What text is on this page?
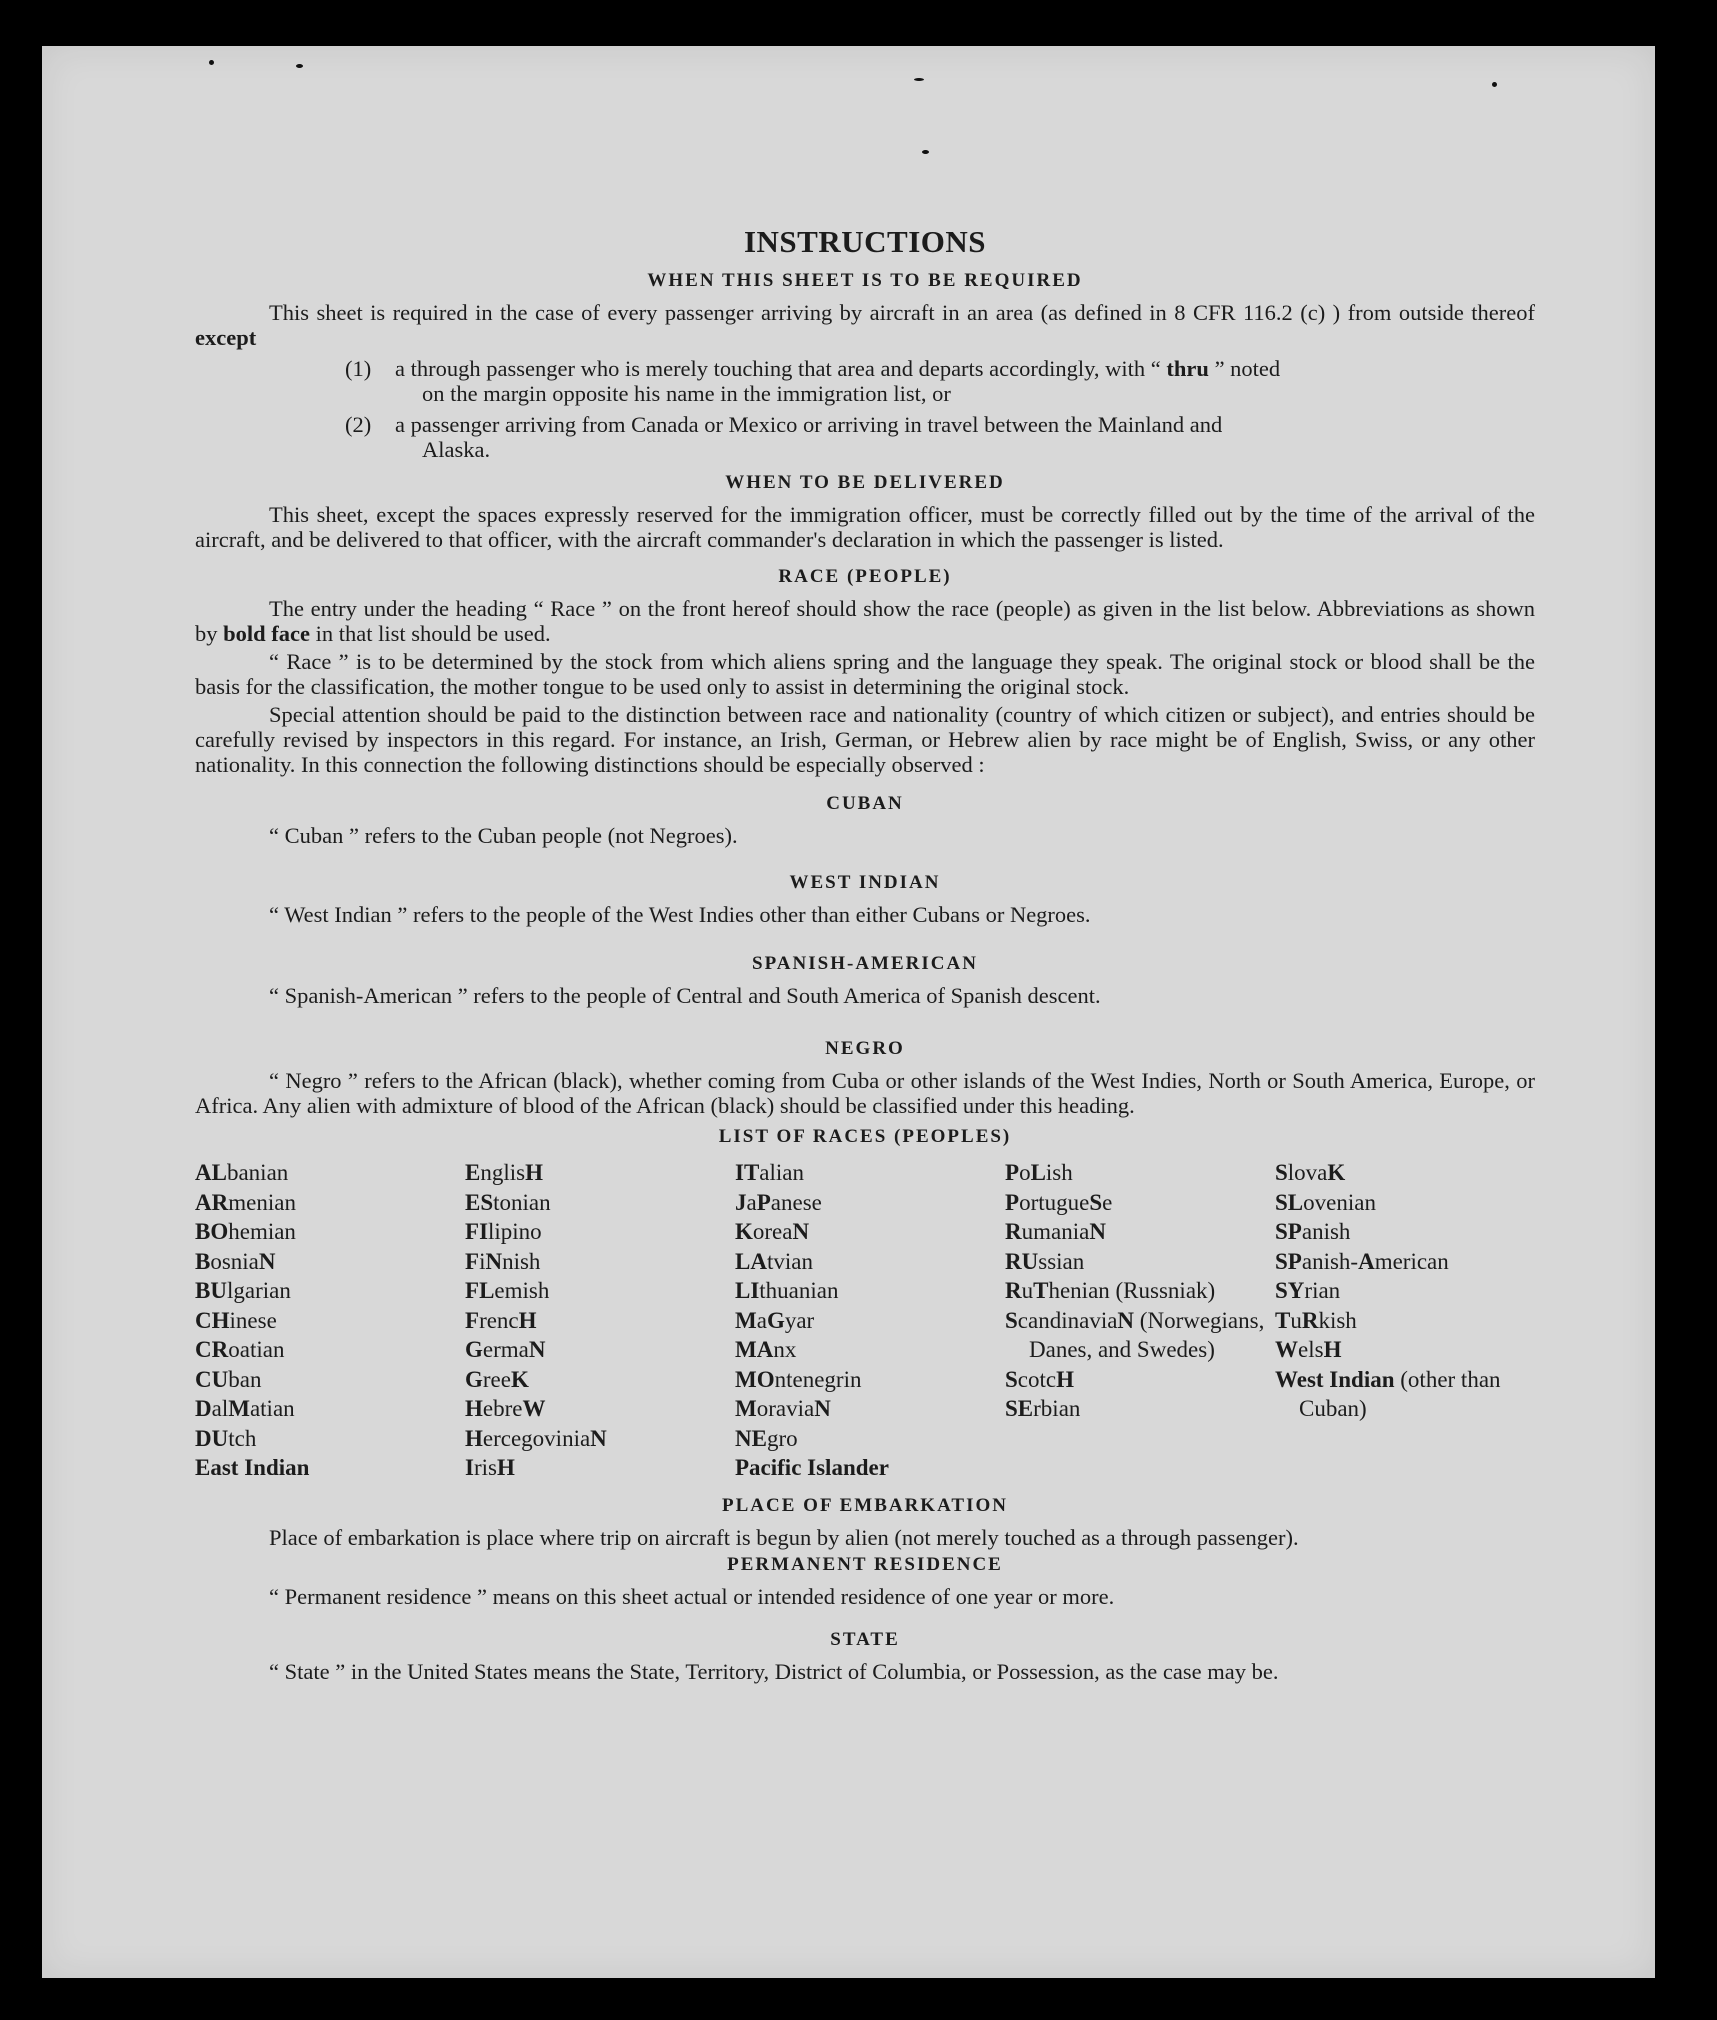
INSTRUCTIONS
WHEN THIS SHEET IS TO BE REQUIRED

This sheet is required in the case of every passenger arriving by aircraft in an area (as defined in 8 CFR 116.2 (c) ) from outside thereof except

(1)	a through passenger who is merely touching that area and departs accordingly, with “ thru ” noted
on the margin opposite his name in the immigration list, or
(2)	a passenger arriving from Canada or Mexico or arriving in travel between the Mainland and
Alaska.
WHEN TO BE DELIVERED

This sheet, except the spaces expressly reserved for the immigration officer, must be correctly filled out by the time of the arrival of the aircraft, and be delivered to that officer, with the aircraft commander's declaration in which the passenger is listed.

RACE (PEOPLE)

The entry under the heading “ Race ” on the front hereof should show the race (people) as given in the list below. Abbreviations as shown by bold face in that list should be used.

“ Race ” is to be determined by the stock from which aliens spring and the language they speak. The original stock or blood shall be the basis for the classification, the mother tongue to be used only to assist in determining the original stock.

Special attention should be paid to the distinction between race and nationality (country of which citizen or subject), and entries should be carefully revised by inspectors in this regard. For instance, an Irish, German, or Hebrew alien by race might be of English, Swiss, or any other nationality. In this connection the following distinctions should be especially observed :

CUBAN

“ Cuban ” refers to the Cuban people (not Negroes).

WEST INDIAN

“ West Indian ” refers to the people of the West Indies other than either Cubans or Negroes.

SPANISH-AMERICAN

“ Spanish-American ” refers to the people of Central and South America of Spanish descent.

NEGRO

“ Negro ” refers to the African (black), whether coming from Cuba or other islands of the West Indies, North or South America, Europe, or Africa. Any alien with admixture of blood of the African (black) should be classified under this heading.

LIST OF RACES (PEOPLES)
ALbanian
ARmenian
BOhemian
BosniaN
BUlgarian
CHinese
CRoatian
CUban
DalMatian
DUtch
East Indian
EnglisH
EStonian
FIlipino
FiNnish
FLemish
FrencH
GermaN
GreeK
HebreW
HercegoviniaN
IrisH
ITalian
JaPanese
KoreaN
LAtvian
LIthuanian
MaGyar
MAnx
MOntenegrin
MoraviaN
NEgro
Pacific Islander
PoLish
PortugueSe
RumaniaN
RUssian
RuThenian (Russniak)
ScandinaviaN (Norwegians, Danes, and Swedes)
ScotcH
SErbian
SlovaK
SLovenian
SPanish
SPanish-American
SYrian
TuRkish
WelsH
West Indian (other than Cuban)
PLACE OF EMBARKATION

Place of embarkation is place where trip on aircraft is begun by alien (not merely touched as a through passenger).

PERMANENT RESIDENCE

“ Permanent residence ” means on this sheet actual or intended residence of one year or more.

STATE

“ State ” in the United States means the State, Territory, District of Columbia, or Possession, as the case may be.
